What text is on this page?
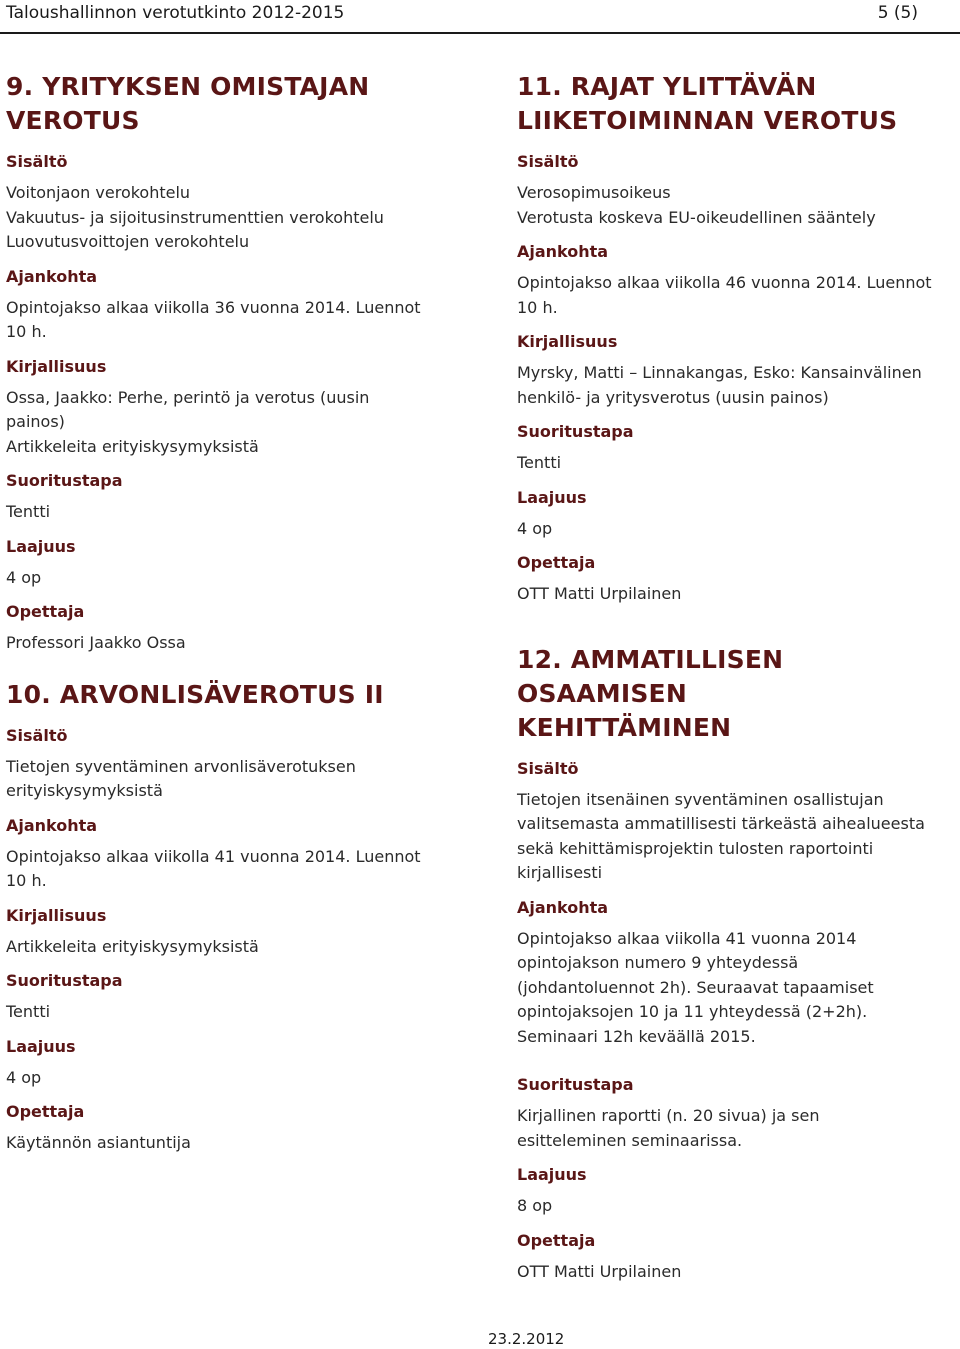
Taloushallinnon verotutkinto 2012-2015	5 (5)
9. YRITYKSEN OMISTAJAN
VEROTUS
Sisältö
Voitonjaon verokohtelu
Vakuutus- ja sijoitusinstrumenttien verokohtelu
Luovutusvoittojen verokohtelu
Ajankohta
Opintojakso alkaa viikolla 36 vuonna 2014. Luennot
10 h.
Kirjallisuus
Ossa, Jaakko: Perhe, perintö ja verotus (uusin
painos)
Artikkeleita erityiskysymyksistä
Suoritustapa
Tentti
Laajuus
4 op
Opettaja
Professori Jaakko Ossa
10. ARVONLISÄVEROTUS II
Sisältö
Tietojen syventäminen arvonlisäverotuksen
erityiskysymyksistä
Ajankohta
Opintojakso alkaa viikolla 41 vuonna 2014. Luennot
10 h.
Kirjallisuus
Artikkeleita erityiskysymyksistä
Suoritustapa
Tentti
Laajuus
4 op
Opettaja
Käytännön asiantuntija
11. RAJAT YLITTÄVÄN
LIIKETOIMINNAN VEROTUS
Sisältö
Verosopimusoikeus
Verotusta koskeva EU-oikeudellinen sääntely
Ajankohta
Opintojakso alkaa viikolla 46 vuonna 2014. Luennot
10 h.
Kirjallisuus
Myrsky, Matti – Linnakangas, Esko: Kansainvälinen
henkilö- ja yritysverotus (uusin painos)
Suoritustapa
Tentti
Laajuus
4 op
Opettaja
OTT Matti Urpilainen
12. AMMATILLISEN OSAAMISEN
KEHITTÄMINEN
Sisältö
Tietojen itsenäinen syventäminen osallistujan
valitsemasta ammatillisesti tärkeästä aihealueesta
sekä kehittämisprojektin tulosten raportointi
kirjallisesti
Ajankohta
Opintojakso alkaa viikolla 41 vuonna 2014
opintojakson numero 9 yhteydessä
(johdantoluennot 2h). Seuraavat tapaamiset
opintojaksojen 10 ja 11 yhteydessä (2+2h).
Seminaari 12h keväällä 2015.
Suoritustapa
Kirjallinen raportti (n. 20 sivua) ja sen
esitteleminen seminaarissa.
Laajuus
8 op
Opettaja
OTT Matti Urpilainen
23.2.2012
